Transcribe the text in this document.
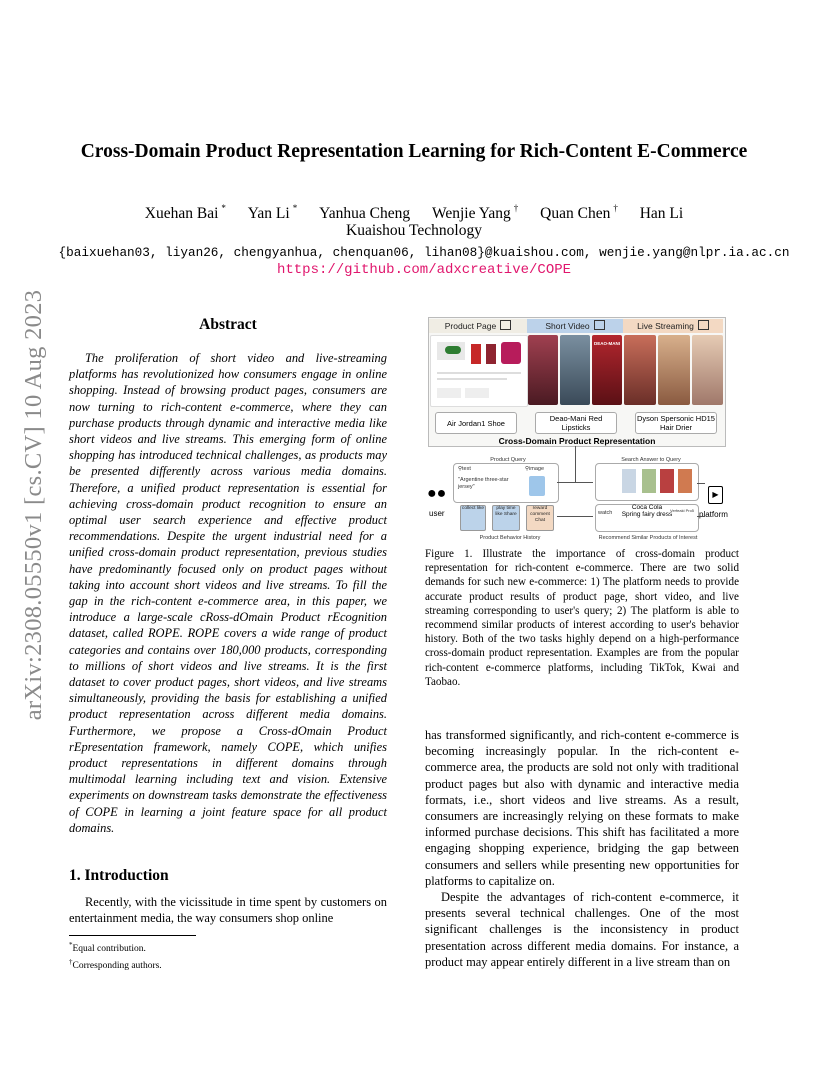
arXiv:2308.05550v1 [cs.CV] 10 Aug 2023
Cross-Domain Product Representation Learning for Rich-Content E-Commerce
Xuehan Bai * Yan Li * Yanhua Cheng Wenjie Yang † Quan Chen † Han Li
Kuaishou Technology
{baixuehan03, liyan26, chengyanhua, chenquan06, lihan08}@kuaishou.com, wenjie.yang@nlpr.ia.ac.cn
https://github.com/adxcreative/COPE
Abstract

The proliferation of short video and live-streaming platforms has revolutionized how consumers engage in online shopping. Instead of browsing product pages, consumers are now turning to rich-content e-commerce, where they can purchase products through dynamic and interactive media like short videos and live streams. This emerging form of online shopping has introduced technical challenges, as products may be presented differently across various media domains. Therefore, a unified product representation is essential for achieving cross-domain product recognition to ensure an optimal user search experience and effective product recommendations. Despite the urgent industrial need for a unified cross-domain product representation, previous studies have predominantly focused only on product pages without taking into account short videos and live streams. To fill the gap in the rich-content e-commerce area, in this paper, we introduce a large-scale cRoss-dOmain Product rEcognition dataset, called ROPE. ROPE covers a wide range of product categories and contains over 180,000 products, corresponding to millions of short videos and live streams. It is the first dataset to cover product pages, short videos, and live streams simultaneously, providing the basis for establishing a unified product representation across different media domains. Furthermore, we propose a Cross-dOmain Product rEpresentation framework, namely COPE, which unifies product representations in different domains through multimodal learning including text and vision. Extensive experiments on downstream tasks demonstrate the effectiveness of COPE in learning a joint feature space for all product domains.

1. Introduction

Recently, with the vicissitude in time spent by customers on entertainment media, the way consumers shop online

*Equal contribution.
†Corresponding authors.
Product Page	Short Video	Live Streaming
DEAO-MANI
Air Jordan1 Shoe	Deao-Mani Red Lipsticks
Dyson Spersonic HD15 Hair Drier
Cross-Domain Product Representation
Product Query
⚲text	⚲image
"Argentine three-star jersey"
●●
user
collect like	play time like Share
reward comment Chat
Product Behavior History
Search Answer to Query
watch
Coca Cola
Spring fairy dress
Verfeaki Pro5
Recommend Similar Products of Interest
▶
platform
Figure 1. Illustrate the importance of cross-domain product representation for rich-content e-commerce. There are two solid demands for such new e-commerce: 1) The platform needs to provide accurate product results of product page, short video, and live streaming corresponding to user's query; 2) The platform is able to recommend similar products of interest according to user's behavior history. Both of the two tasks highly depend on a high-performance cross-domain product representation. Examples are from the popular rich-content e-commerce platforms, including TikTok, Kwai and Taobao.

has transformed significantly, and rich-content e-commerce is becoming increasingly popular. In the rich-content e-commerce area, the products are sold not only with traditional product pages but also with dynamic and interactive media formats, i.e., short videos and live streams. As a result, consumers are increasingly relying on these formats to make informed purchase decisions. This shift has facilitated a more engaging shopping experience, bridging the gap between consumers and sellers while presenting new opportunities for platforms to capitalize on.

Despite the advantages of rich-content e-commerce, it presents several technical challenges. One of the most significant challenges is the inconsistency in product presentation across different media domains. For instance, a product may appear entirely different in a live stream than on
